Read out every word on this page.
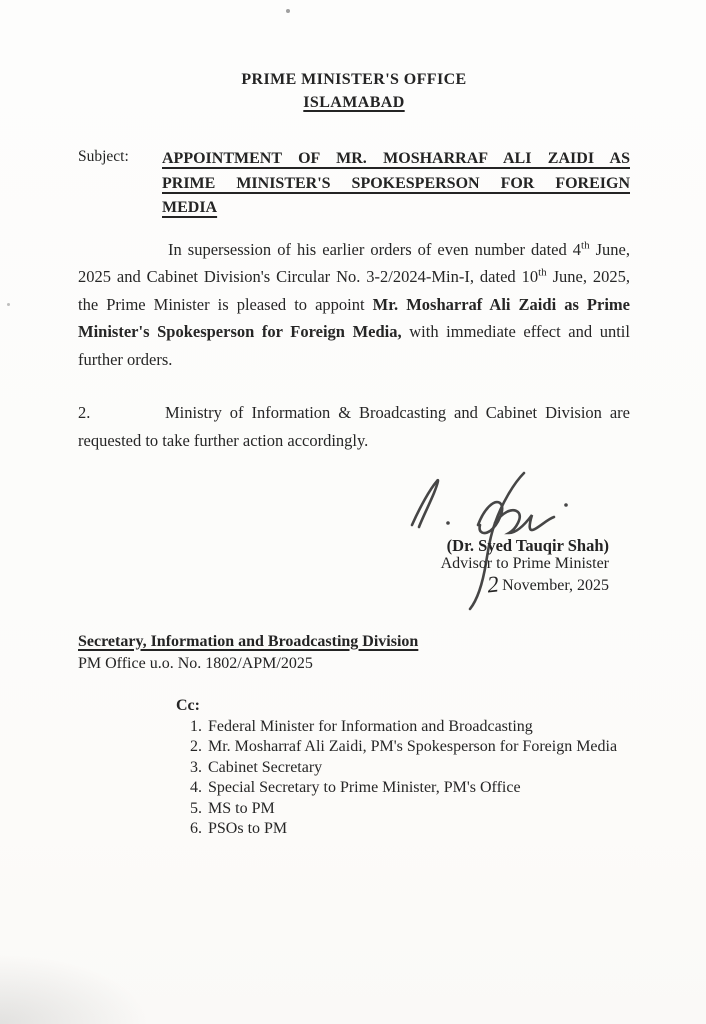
PRIME MINISTER'S OFFICE
ISLAMABAD
Subject:	APPOINTMENT OF MR. MOSHARRAF ALI ZAIDI AS
PRIME MINISTER'S SPOKESPERSON FOR FOREIGN
MEDIA

In supersession of his earlier orders of even number dated 4th June, 2025 and Cabinet Division's Circular No. 3-2/2024-Min-I, dated 10th June, 2025, the Prime Minister is pleased to appoint Mr. Mosharraf Ali Zaidi as Prime Minister's Spokesperson for Foreign Media, with immediate effect and until further orders.

2.	Ministry of Information & Broadcasting and Cabinet Division are requested to take further action accordingly.

(Dr. Syed Tauqir Shah)
Advisor to Prime Minister
2 November, 2025
Secretary, Information and Broadcasting Division
PM Office u.o. No. 1802/APM/2025
Cc:
1. Federal Minister for Information and Broadcasting
2. Mr. Mosharraf Ali Zaidi, PM's Spokesperson for Foreign Media
3. Cabinet Secretary
4. Special Secretary to Prime Minister, PM's Office
5. MS to PM
6. PSOs to PM
